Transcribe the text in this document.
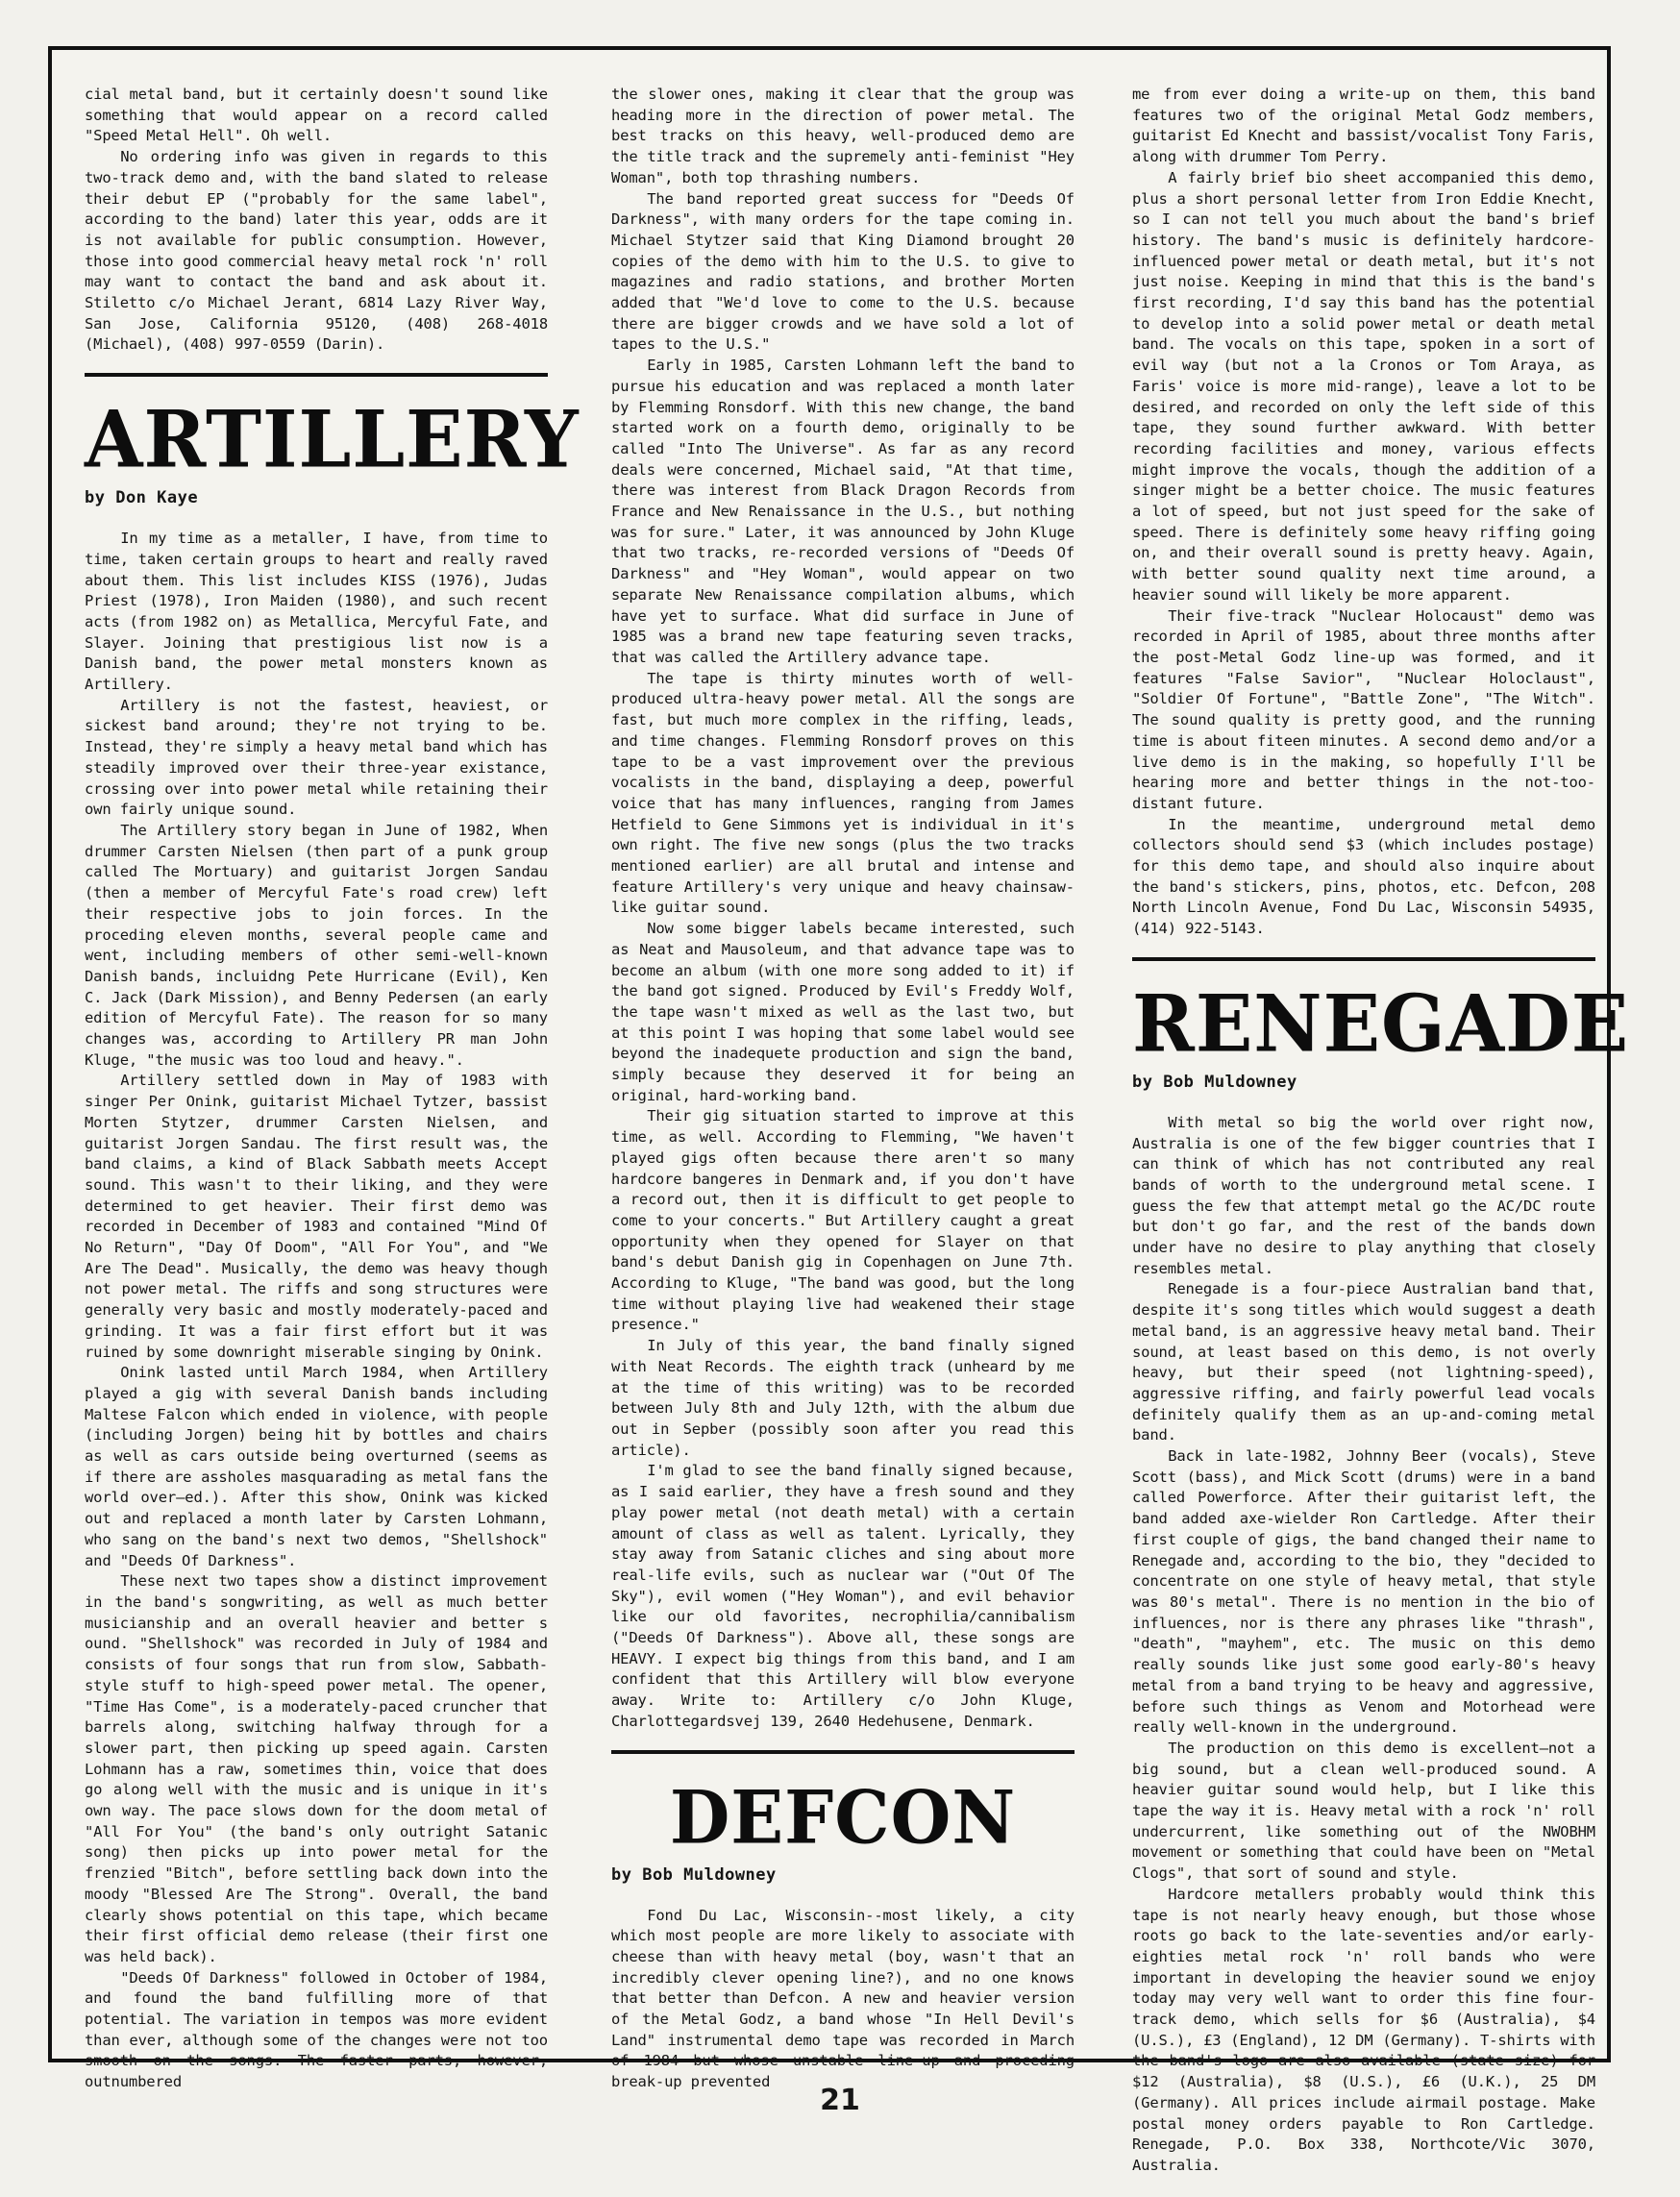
cial metal band, but it certainly doesn't sound like something that would appear on a record called "Speed Metal Hell". Oh well.

No ordering info was given in regards to this two-track demo and, with the band slated to release their debut EP ("probably for the same label", according to the band) later this year, odds are it is not available for public consumption. However, those into good commercial heavy metal rock 'n' roll may want to contact the band and ask about it. Stiletto c/o Michael Jerant, 6814 Lazy River Way, San Jose, California 95120, (408) 268-4018 (Michael), (408) 997-0559 (Darin).

ARTILLERY
by Don Kaye

In my time as a metaller, I have, from time to time, taken certain groups to heart and really raved about them. This list includes KISS (1976), Judas Priest (1978), Iron Maiden (1980), and such recent acts (from 1982 on) as Metallica, Mercyful Fate, and Slayer. Joining that prestigious list now is a Danish band, the power metal monsters known as Artillery.

Artillery is not the fastest, heaviest, or sickest band around; they're not trying to be. Instead, they're simply a heavy metal band which has steadily improved over their three-year existance, crossing over into power metal while retaining their own fairly unique sound.

The Artillery story began in June of 1982, When drummer Carsten Nielsen (then part of a punk group called The Mortuary) and guitarist Jorgen Sandau (then a member of Mercyful Fate's road crew) left their respective jobs to join forces. In the proceding eleven months, several people came and went, including members of other semi-well-known Danish bands, incluidng Pete Hurricane (Evil), Ken C. Jack (Dark Mission), and Benny Pedersen (an early edition of Mercyful Fate). The reason for so many changes was, according to Artillery PR man John Kluge, "the music was too loud and heavy.".

Artillery settled down in May of 1983 with singer Per Onink, guitarist Michael Tytzer, bassist Morten Stytzer, drummer Carsten Nielsen, and guitarist Jorgen Sandau. The first result was, the band claims, a kind of Black Sabbath meets Accept sound. This wasn't to their liking, and they were determined to get heavier. Their first demo was recorded in December of 1983 and contained "Mind Of No Return", "Day Of Doom", "All For You", and "We Are The Dead". Musically, the demo was heavy though not power metal. The riffs and song structures were generally very basic and mostly moderately-paced and grinding. It was a fair first effort but it was ruined by some downright miserable singing by Onink.

Onink lasted until March 1984, when Artillery played a gig with several Danish bands including Maltese Falcon which ended in violence, with people (including Jorgen) being hit by bottles and chairs as well as cars outside being overturned (seems as if there are assholes masquarading as metal fans the world over—ed.). After this show, Onink was kicked out and replaced a month later by Carsten Lohmann, who sang on the band's next two demos, "Shellshock" and "Deeds Of Darkness".

These next two tapes show a distinct improvement in the band's songwriting, as well as much better musicianship and an overall heavier and better s ound. "Shellshock" was recorded in July of 1984 and consists of four songs that run from slow, Sabbath-style stuff to high-speed power metal. The opener, "Time Has Come", is a moderately-paced cruncher that barrels along, switching halfway through for a slower part, then picking up speed again. Carsten Lohmann has a raw, sometimes thin, voice that does go along well with the music and is unique in it's own way. The pace slows down for the doom metal of "All For You" (the band's only outright Satanic song) then picks up into power metal for the frenzied "Bitch", before settling back down into the moody "Blessed Are The Strong". Overall, the band clearly shows potential on this tape, which became their first official demo release (their first one was held back).

"Deeds Of Darkness" followed in October of 1984, and found the band fulfilling more of that potential. The variation in tempos was more evident than ever, although some of the changes were not too smooth on the songs. The faster parts, however, outnumbered

the slower ones, making it clear that the group was heading more in the direction of power metal. The best tracks on this heavy, well-produced demo are the title track and the supremely anti-feminist "Hey Woman", both top thrashing numbers.

The band reported great success for "Deeds Of Darkness", with many orders for the tape coming in. Michael Stytzer said that King Diamond brought 20 copies of the demo with him to the U.S. to give to magazines and radio stations, and brother Morten added that "We'd love to come to the U.S. because there are bigger crowds and we have sold a lot of tapes to the U.S."

Early in 1985, Carsten Lohmann left the band to pursue his education and was replaced a month later by Flemming Ronsdorf. With this new change, the band started work on a fourth demo, originally to be called "Into The Universe". As far as any record deals were concerned, Michael said, "At that time, there was interest from Black Dragon Records from France and New Renaissance in the U.S., but nothing was for sure." Later, it was announced by John Kluge that two tracks, re-recorded versions of "Deeds Of Darkness" and "Hey Woman", would appear on two separate New Renaissance compilation albums, which have yet to surface. What did surface in June of 1985 was a brand new tape featuring seven tracks, that was called the Artillery advance tape.

The tape is thirty minutes worth of well-produced ultra-heavy power metal. All the songs are fast, but much more complex in the riffing, leads, and time changes. Flemming Ronsdorf proves on this tape to be a vast improvement over the previous vocalists in the band, displaying a deep, powerful voice that has many influences, ranging from James Hetfield to Gene Simmons yet is individual in it's own right. The five new songs (plus the two tracks mentioned earlier) are all brutal and intense and feature Artillery's very unique and heavy chainsaw-like guitar sound.

Now some bigger labels became interested, such as Neat and Mausoleum, and that advance tape was to become an album (with one more song added to it) if the band got signed. Produced by Evil's Freddy Wolf, the tape wasn't mixed as well as the last two, but at this point I was hoping that some label would see beyond the inadequete production and sign the band, simply because they deserved it for being an original, hard-working band.

Their gig situation started to improve at this time, as well. According to Flemming, "We haven't played gigs often because there aren't so many hardcore bangeres in Denmark and, if you don't have a record out, then it is difficult to get people to come to your concerts." But Artillery caught a great opportunity when they opened for Slayer on that band's debut Danish gig in Copenhagen on June 7th. According to Kluge, "The band was good, but the long time without playing live had weakened their stage presence."

In July of this year, the band finally signed with Neat Records. The eighth track (unheard by me at the time of this writing) was to be recorded between July 8th and July 12th, with the album due out in Sepber (possibly soon after you read this article).

I'm glad to see the band finally signed because, as I said earlier, they have a fresh sound and they play power metal (not death metal) with a certain amount of class as well as talent. Lyrically, they stay away from Satanic cliches and sing about more real-life evils, such as nuclear war ("Out Of The Sky"), evil women ("Hey Woman"), and evil behavior like our old favorites, necrophilia/cannibalism ("Deeds Of Darkness"). Above all, these songs are HEAVY. I expect big things from this band, and I am confident that this Artillery will blow everyone away. Write to: Artillery c/o John Kluge, Charlottegardsvej 139, 2640 Hedehusene, Denmark.

DEFCON
by Bob Muldowney

Fond Du Lac, Wisconsin--most likely, a city which most people are more likely to associate with cheese than with heavy metal (boy, wasn't that an incredibly clever opening line?), and no one knows that better than Defcon. A new and heavier version of the Metal Godz, a band whose "In Hell Devil's Land" instrumental demo tape was recorded in March of 1984 but whose unstable line-up and proceding break-up prevented

me from ever doing a write-up on them, this band features two of the original Metal Godz members, guitarist Ed Knecht and bassist/vocalist Tony Faris, along with drummer Tom Perry.

A fairly brief bio sheet accompanied this demo, plus a short personal letter from Iron Eddie Knecht, so I can not tell you much about the band's brief history. The band's music is definitely hardcore-influenced power metal or death metal, but it's not just noise. Keeping in mind that this is the band's first recording, I'd say this band has the potential to develop into a solid power metal or death metal band. The vocals on this tape, spoken in a sort of evil way (but not a la Cronos or Tom Araya, as Faris' voice is more mid-range), leave a lot to be desired, and recorded on only the left side of this tape, they sound further awkward. With better recording facilities and money, various effects might improve the vocals, though the addition of a singer might be a better choice. The music features a lot of speed, but not just speed for the sake of speed. There is definitely some heavy riffing going on, and their overall sound is pretty heavy. Again, with better sound quality next time around, a heavier sound will likely be more apparent.

Their five-track "Nuclear Holocaust" demo was recorded in April of 1985, about three months after the post-Metal Godz line-up was formed, and it features "False Savior", "Nuclear Holoclaust", "Soldier Of Fortune", "Battle Zone", "The Witch". The sound quality is pretty good, and the running time is about fiteen minutes. A second demo and/or a live demo is in the making, so hopefully I'll be hearing more and better things in the not-too-distant future.

In the meantime, underground metal demo collectors should send $3 (which includes postage) for this demo tape, and should also inquire about the band's stickers, pins, photos, etc. Defcon, 208 North Lincoln Avenue, Fond Du Lac, Wisconsin 54935, (414) 922-5143.

RENEGADE
by Bob Muldowney

With metal so big the world over right now, Australia is one of the few bigger countries that I can think of which has not contributed any real bands of worth to the underground metal scene. I guess the few that attempt metal go the AC/DC route but don't go far, and the rest of the bands down under have no desire to play anything that closely resembles metal.

Renegade is a four-piece Australian band that, despite it's song titles which would suggest a death metal band, is an aggressive heavy metal band. Their sound, at least based on this demo, is not overly heavy, but their speed (not lightning-speed), aggressive riffing, and fairly powerful lead vocals definitely qualify them as an up-and-coming metal band.

Back in late-1982, Johnny Beer (vocals), Steve Scott (bass), and Mick Scott (drums) were in a band called Powerforce. After their guitarist left, the band added axe-wielder Ron Cartledge. After their first couple of gigs, the band changed their name to Renegade and, according to the bio, they "decided to concentrate on one style of heavy metal, that style was 80's metal". There is no mention in the bio of influences, nor is there any phrases like "thrash", "death", "mayhem", etc. The music on this demo really sounds like just some good early-80's heavy metal from a band trying to be heavy and aggressive, before such things as Venom and Motorhead were really well-known in the underground.

The production on this demo is excellent—not a big sound, but a clean well-produced sound. A heavier guitar sound would help, but I like this tape the way it is. Heavy metal with a rock 'n' roll undercurrent, like something out of the NWOBHM movement or something that could have been on "Metal Clogs", that sort of sound and style.

Hardcore metallers probably would think this tape is not nearly heavy enough, but those whose roots go back to the late-seventies and/or early-eighties metal rock 'n' roll bands who were important in developing the heavier sound we enjoy today may very well want to order this fine four-track demo, which sells for $6 (Australia), $4 (U.S.), £3 (England), 12 DM (Germany). T-shirts with the band's logo are also available (state size) for $12 (Australia), $8 (U.S.), £6 (U.K.), 25 DM (Germany). All prices include airmail postage. Make postal money orders payable to Ron Cartledge. Renegade, P.O. Box 338, Northcote/Vic 3070, Australia.

21
